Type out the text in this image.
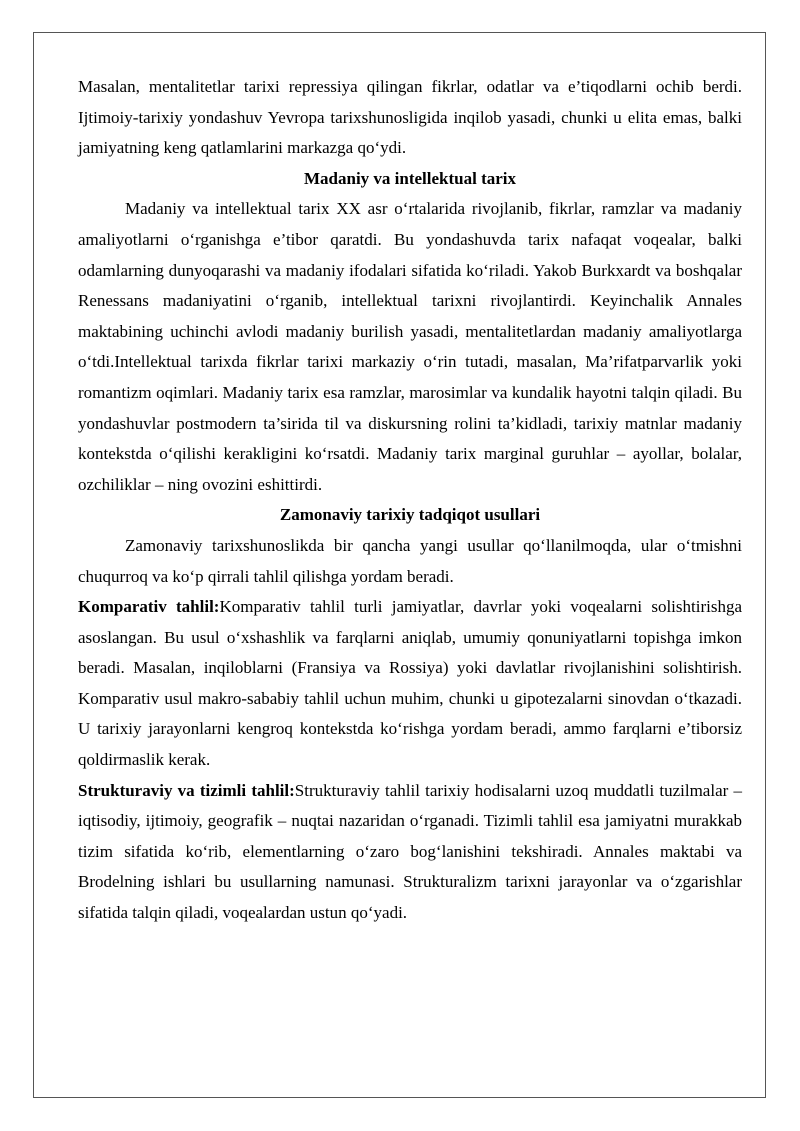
Masalan, mentalitetlar tarixi repressiya qilingan fikrlar, odatlar va e’tiqodlarni ochib berdi. Ijtimoiy-tarixiy yondashuv Yevropa tarixshunosligida inqilob yasadi, chunki u elita emas, balki jamiyatning keng qatlamlarini markazga qo‘ydi.

Madaniy va intellektual tarix

Madaniy va intellektual tarix XX asr o‘rtalarida rivojlanib, fikrlar, ramzlar va madaniy amaliyotlarni o‘rganishga e’tibor qaratdi. Bu yondashuvda tarix nafaqat voqealar, balki odamlarning dunyoqarashi va madaniy ifodalari sifatida ko‘riladi. Yakob Burkxardt va boshqalar Renessans madaniyatini o‘rganib, intellektual tarixni rivojlantirdi. Keyinchalik Annales maktabining uchinchi avlodi madaniy burilish yasadi, mentalitetlardan madaniy amaliyotlarga o‘tdi.Intellektual tarixda fikrlar tarixi markaziy o‘rin tutadi, masalan, Ma’rifatparvarlik yoki romantizm oqimlari. Madaniy tarix esa ramzlar, marosimlar va kundalik hayotni talqin qiladi. Bu yondashuvlar postmodern ta’sirida til va diskursning rolini ta’kidladi, tarixiy matnlar madaniy kontekstda o‘qilishi kerakligini ko‘rsatdi. Madaniy tarix marginal guruhlar – ayollar, bolalar, ozchiliklar – ning ovozini eshittirdi.

Zamonaviy tarixiy tadqiqot usullari

Zamonaviy tarixshunoslikda bir qancha yangi usullar qo‘llanilmoqda, ular o‘tmishni chuqurroq va ko‘p qirrali tahlil qilishga yordam beradi.

Komparativ tahlil:Komparativ tahlil turli jamiyatlar, davrlar yoki voqealarni solishtirishga asoslangan. Bu usul o‘xshashlik va farqlarni aniqlab, umumiy qonuniyatlarni topishga imkon beradi. Masalan, inqiloblarni (Fransiya va Rossiya) yoki davlatlar rivojlanishini solishtirish. Komparativ usul makro-sababiy tahlil uchun muhim, chunki u gipotezalarni sinovdan o‘tkazadi. U tarixiy jarayonlarni kengroq kontekstda ko‘rishga yordam beradi, ammo farqlarni e’tiborsiz qoldirmaslik kerak.

Strukturaviy va tizimli tahlil:Strukturaviy tahlil tarixiy hodisalarni uzoq muddatli tuzilmalar – iqtisodiy, ijtimoiy, geografik – nuqtai nazaridan o‘rganadi. Tizimli tahlil esa jamiyatni murakkab tizim sifatida ko‘rib, elementlarning o‘zaro bog‘lanishini tekshiradi. Annales maktabi va Brodelning ishlari bu usullarning namunasi. Strukturalizm tarixni jarayonlar va o‘zgarishlar sifatida talqin qiladi, voqealardan ustun qo‘yadi.
